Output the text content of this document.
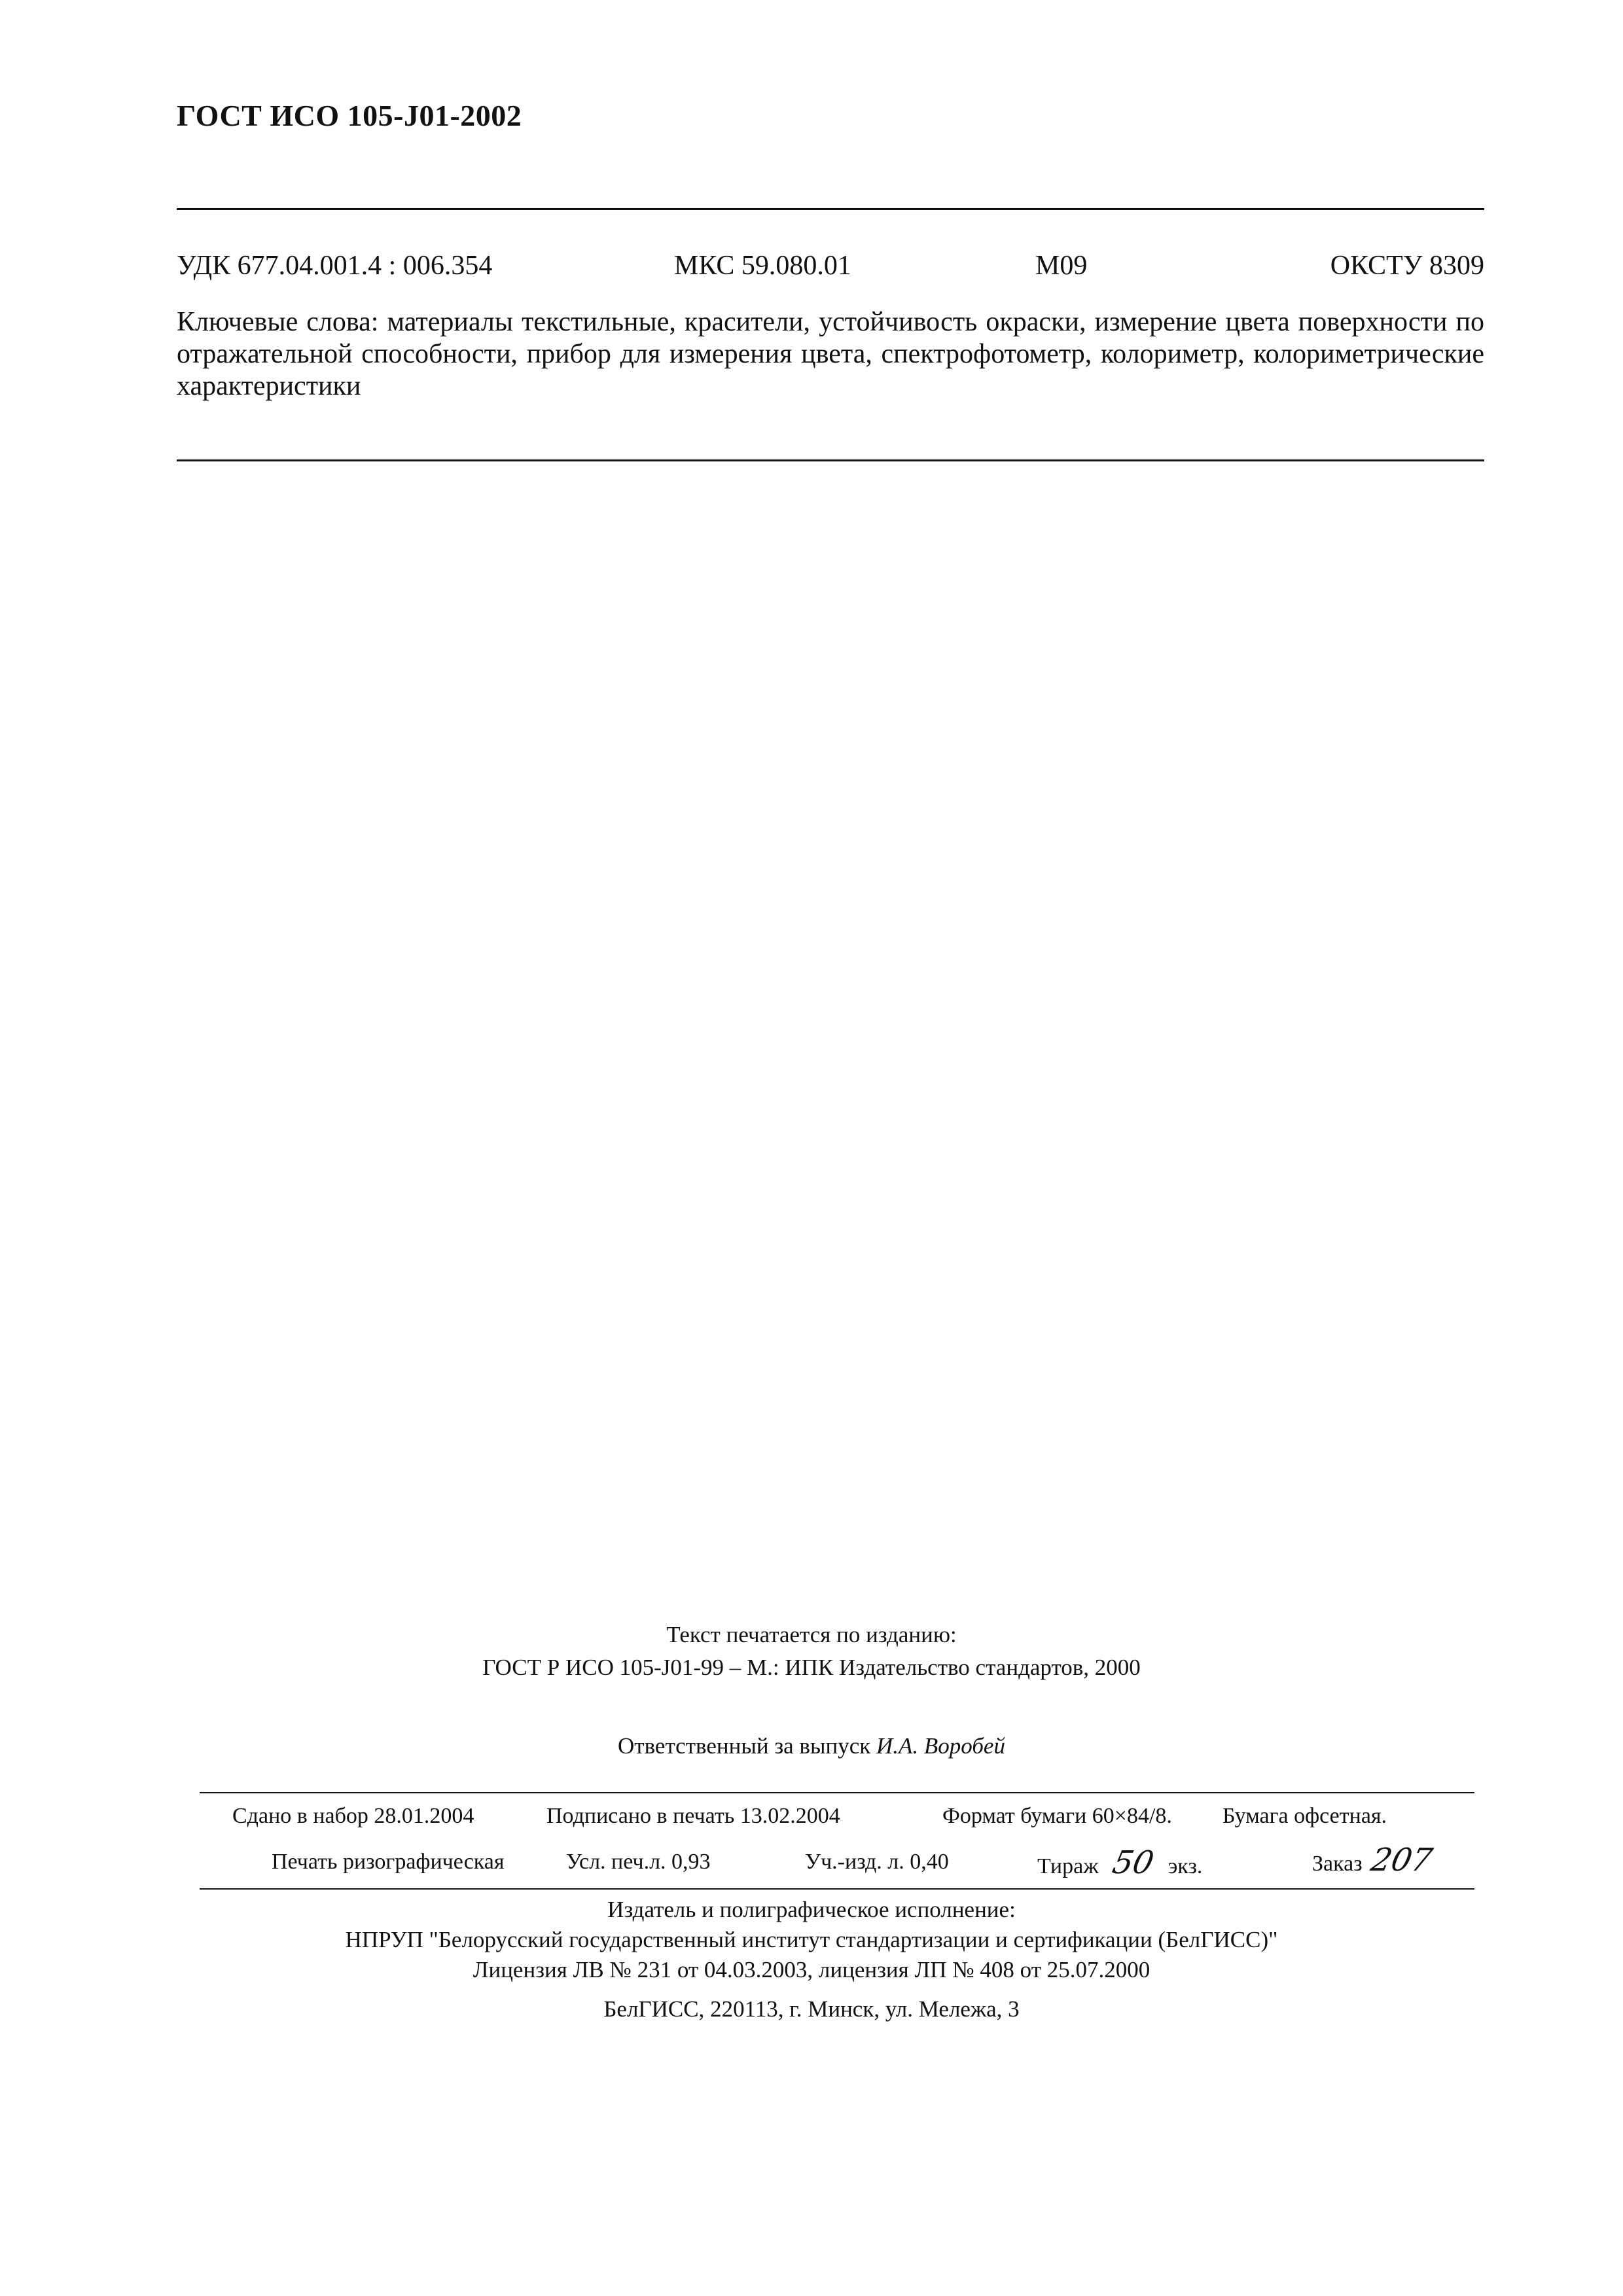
ГОСТ ИСО 105-J01-2002
УДК 677.04.001.4 : 006.354	МКС 59.080.01	М09	ОКСТУ 8309
Ключевые слова: материалы текстильные, красители, устойчивость окраски, измерение цвета поверхности по отражательной способности, прибор для измерения цвета, спектрофотометр, колориметр, колориметрические характеристики
Текст печатается по изданию:
ГОСТ Р ИСО 105-J01-99 – М.: ИПК Издательство стандартов, 2000
Ответственный за выпуск И.А. Воробей
Сдано в набор 28.01.2004	Подписано в печать 13.02.2004	Формат бумаги 60×84/8. Бумага офсетная.
Печать ризографическая	Усл. печ.л. 0,93	Уч.-изд. л. 0,40	Тираж 50 экз.	Заказ 207
Издатель и полиграфическое исполнение:
НПРУП "Белорусский государственный институт стандартизации и сертификации (БелГИСС)"
Лицензия ЛВ № 231 от 04.03.2003, лицензия ЛП № 408 от 25.07.2000
БелГИСС, 220113, г. Минск, ул. Мележа, 3
